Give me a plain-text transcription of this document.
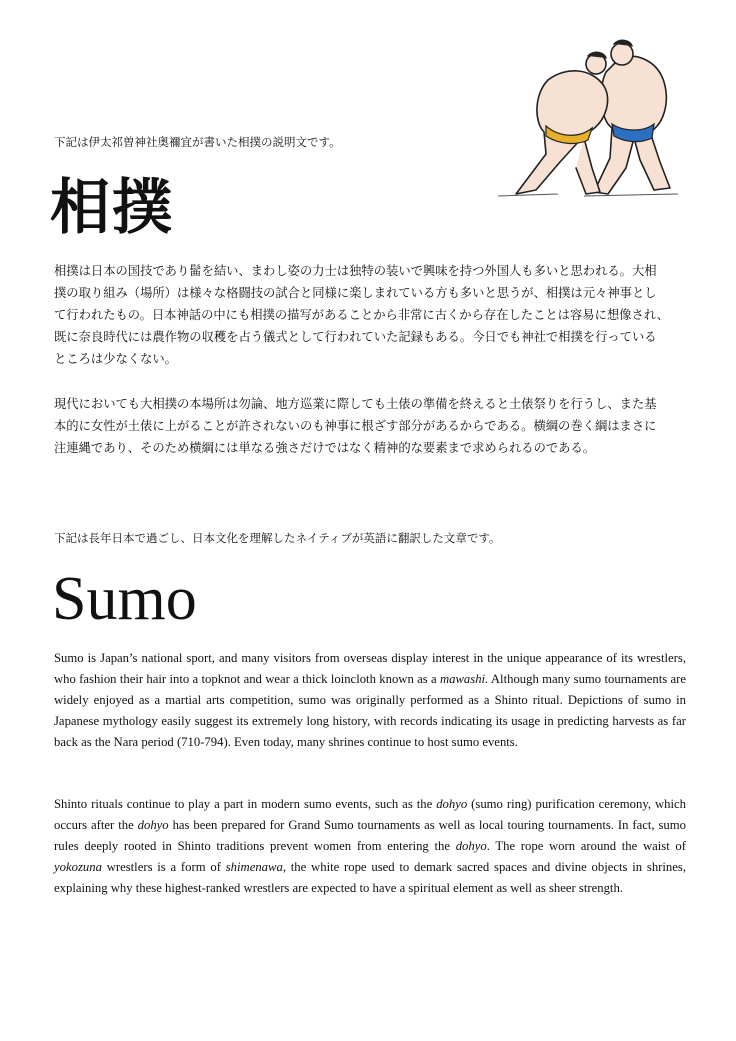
下記は伊太祁曽神社奥禰宜が書いた相撲の説明文です。
相撲
相撲は日本の国技であり髷を結い、まわし姿の力士は独特の装いで興味を持つ外国人も多いと思われる。大相
撲の取り組み（場所）は様々な格闘技の試合と同様に楽しまれている方も多いと思うが、相撲は元々神事とし
て行われたもの。日本神話の中にも相撲の描写があることから非常に古くから存在したことは容易に想像され、
既に奈良時代には農作物の収穫を占う儀式として行われていた記録もある。今日でも神社で相撲を行っている
ところは少なくない。
現代においても大相撲の本場所は勿論、地方巡業に際しても土俵の準備を終えると土俵祭りを行うし、また基
本的に女性が土俵に上がることが許されないのも神事に根ざす部分があるからである。横綱の巻く綱はまさに
注連縄であり、そのため横綱には単なる強さだけではなく精神的な要素まで求められるのである。
下記は長年日本で過ごし、日本文化を理解したネイティブが英語に翻訳した文章です。
Sumo
Sumo is Japan’s national sport, and many visitors from overseas display interest in the unique appearance of its wrestlers, who fashion their hair into a topknot and wear a thick loincloth known as a mawashi. Although many sumo tournaments are widely enjoyed as a martial arts competition, sumo was originally performed as a Shinto ritual. Depictions of sumo in Japanese mythology easily suggest its extremely long history, with records indicating its usage in predicting harvests as far back as the Nara period (710-794). Even today, many shrines continue to host sumo events.
Shinto rituals continue to play a part in modern sumo events, such as the dohyo (sumo ring) purification ceremony, which occurs after the dohyo has been prepared for Grand Sumo tournaments as well as local touring tournaments. In fact, sumo rules deeply rooted in Shinto traditions prevent women from entering the dohyo. The rope worn around the waist of yokozuna wrestlers is a form of shimenawa, the white rope used to demark sacred spaces and divine objects in shrines, explaining why these highest-ranked wrestlers are expected to have a spiritual element as well as sheer strength.
